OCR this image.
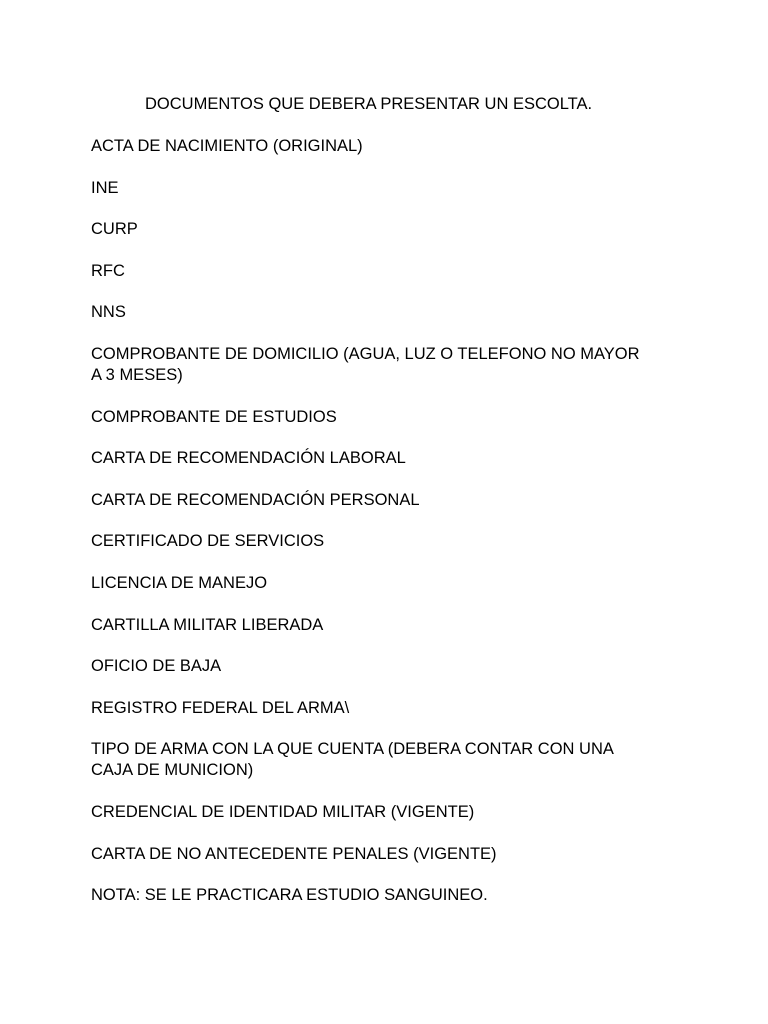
DOCUMENTOS QUE DEBERA PRESENTAR UN ESCOLTA.
ACTA DE NACIMIENTO (ORIGINAL)
INE
CURP
RFC
NNS
COMPROBANTE DE DOMICILIO (AGUA, LUZ O TELEFONO NO MAYOR
A 3 MESES)
COMPROBANTE DE ESTUDIOS
CARTA DE RECOMENDACIÓN LABORAL
CARTA DE RECOMENDACIÓN PERSONAL
CERTIFICADO DE SERVICIOS
LICENCIA DE MANEJO
CARTILLA MILITAR LIBERADA
OFICIO DE BAJA
REGISTRO FEDERAL DEL ARMA\
TIPO DE ARMA CON LA QUE CUENTA (DEBERA CONTAR CON UNA
CAJA DE MUNICION)
CREDENCIAL DE IDENTIDAD MILITAR (VIGENTE)
CARTA DE NO ANTECEDENTE PENALES (VIGENTE)
NOTA: SE LE PRACTICARA ESTUDIO SANGUINEO.
